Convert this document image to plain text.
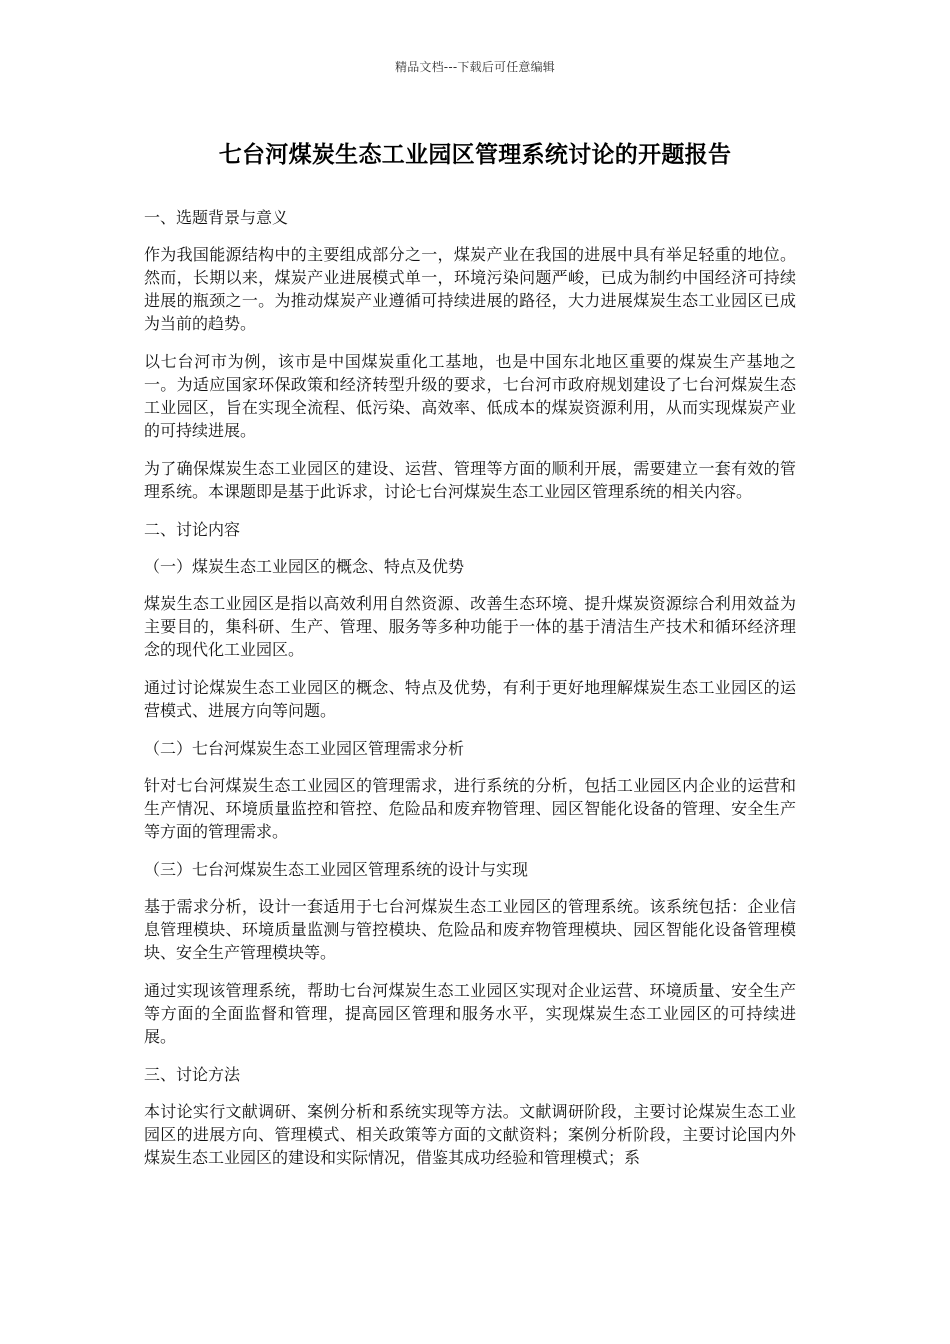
精品文档---下载后可任意编辑
七台河煤炭生态工业园区管理系统讨论的开题报告
一、选题背景与意义
作为我国能源结构中的主要组成部分之一，煤炭产业在我国的进展中具有举足轻重的地位。然而，长期以来，煤炭产业进展模式单一，环境污染问题严峻，已成为制约中国经济可持续进展的瓶颈之一。为推动煤炭产业遵循可持续进展的路径，大力进展煤炭生态工业园区已成为当前的趋势。
以七台河市为例，该市是中国煤炭重化工基地，也是中国东北地区重要的煤炭生产基地之一。为适应国家环保政策和经济转型升级的要求，七台河市政府规划建设了七台河煤炭生态工业园区，旨在实现全流程、低污染、高效率、低成本的煤炭资源利用，从而实现煤炭产业的可持续进展。
为了确保煤炭生态工业园区的建设、运营、管理等方面的顺利开展，需要建立一套有效的管理系统。本课题即是基于此诉求，讨论七台河煤炭生态工业园区管理系统的相关内容。
二、讨论内容
（一）煤炭生态工业园区的概念、特点及优势
煤炭生态工业园区是指以高效利用自然资源、改善生态环境、提升煤炭资源综合利用效益为主要目的，集科研、生产、管理、服务等多种功能于一体的基于清洁生产技术和循环经济理念的现代化工业园区。
通过讨论煤炭生态工业园区的概念、特点及优势，有利于更好地理解煤炭生态工业园区的运营模式、进展方向等问题。
（二）七台河煤炭生态工业园区管理需求分析
针对七台河煤炭生态工业园区的管理需求，进行系统的分析，包括工业园区内企业的运营和生产情况、环境质量监控和管控、危险品和废弃物管理、园区智能化设备的管理、安全生产等方面的管理需求。
（三）七台河煤炭生态工业园区管理系统的设计与实现
基于需求分析，设计一套适用于七台河煤炭生态工业园区的管理系统。该系统包括：企业信息管理模块、环境质量监测与管控模块、危险品和废弃物管理模块、园区智能化设备管理模块、安全生产管理模块等。
通过实现该管理系统，帮助七台河煤炭生态工业园区实现对企业运营、环境质量、安全生产等方面的全面监督和管理，提高园区管理和服务水平，实现煤炭生态工业园区的可持续进展。
三、讨论方法
本讨论实行文献调研、案例分析和系统实现等方法。文献调研阶段，主要讨论煤炭生态工业园区的进展方向、管理模式、相关政策等方面的文献资料；案例分析阶段，主要讨论国内外煤炭生态工业园区的建设和实际情况，借鉴其成功经验和管理模式；系
